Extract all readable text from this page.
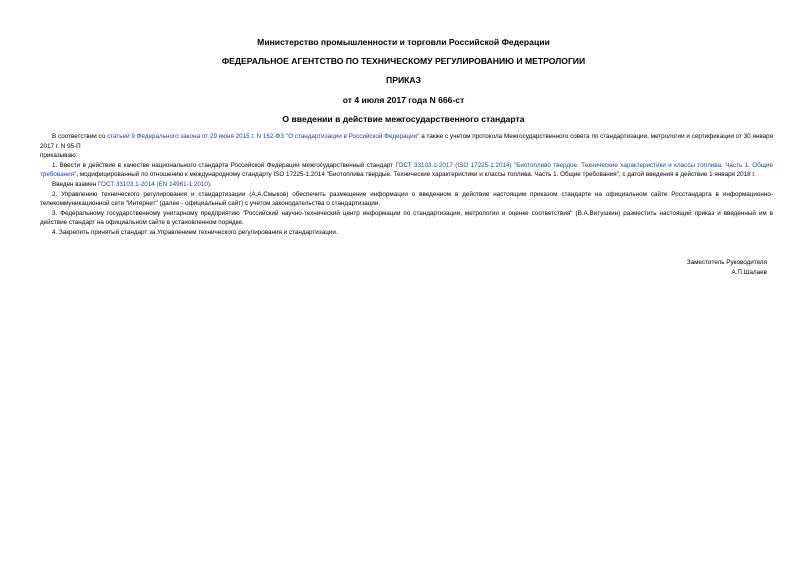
Министерство промышленности и торговли Российской Федерации
ФЕДЕРАЛЬНОЕ АГЕНТСТВО ПО ТЕХНИЧЕСКОМУ РЕГУЛИРОВАНИЮ И МЕТРОЛОГИИ
ПРИКАЗ
от 4 июля 2017 года N 666-ст
О введении в действие межгосударственного стандарта

В соответствии со статьей 9 Федерального закона от 29 июня 2015 г. N 162-ФЗ "О стандартизации в Российской Федерации" а также с учетом протокола Межгосударственного совета по стандартизации, метрологии и сертификации от 30 января 2017 г. N 95-П

приказываю:

1. Ввести в действие в качестве национального стандарта Российской Федерации межгосударственный стандарт ГОСТ 33103.1-2017 (ISO 17225-1:2014) "Биотопливо твердое. Технические характеристики и классы топлива. Часть 1. Общие требования", модифицированный по отношению к международному стандарту ISO 17225-1:2014 "Биотоплива твердые. Технические характеристики и классы топлива. Часть 1. Общие требования", с датой введения в действие 1 января 2018 г.

Введен взамен ГОСТ 33103.1-2014 (EN 14961-1:2010).

2. Управлению технического регулирования и стандартизации (А.А.Смыков) обеспечить размещение информации о введенном в действие настоящим приказом стандарте на официальном сайте Росстандарта в информационно-телекоммуникационной сети "Интернет" (далее - официальный сайт) с учетом законодательства о стандартизации.

3. Федеральному государственному унитарному предприятию "Российский научно-технический центр информации по стандартизации, метрологии и оценке соответствия" (В.А.Витушкин) разместить настоящий приказ и введенный им в действие стандарт на официальном сайте в установленном порядке.

4. Закрепить принятый стандарт за Управлением технического регулирования и стандартизации.

Заместитель Руководителя
А.П.Шалаев
